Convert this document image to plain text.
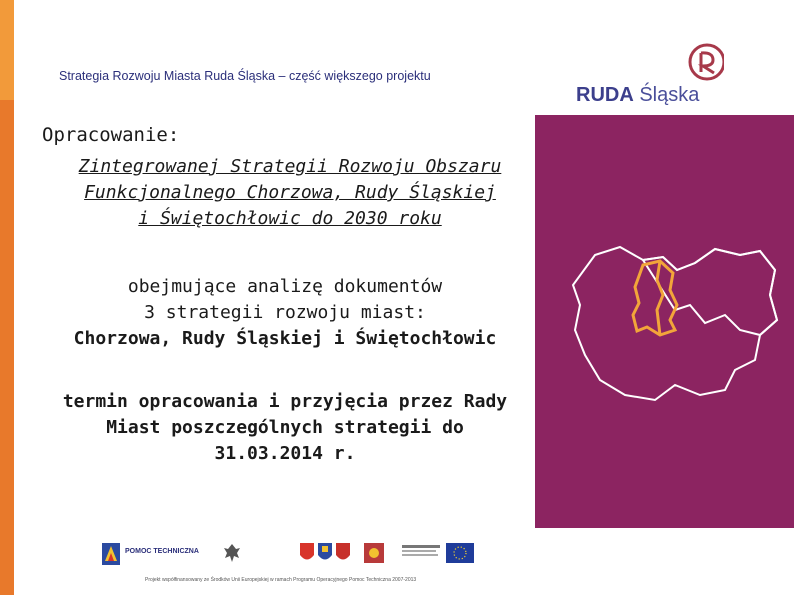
Strategia Rozwoju Miasta Ruda Śląska – część większego projektu
RUDA Śląska
Opracowanie:
Zintegrowanej Strategii Rozwoju Obszaru
Funkcjonalnego Chorzowa, Rudy Śląskiej
i Świętochłowic do 2030 roku
obejmujące analizę dokumentów
3 strategii rozwoju miast:
Chorzowa, Rudy Śląskiej i Świętochłowic
termin opracowania i przyjęcia przez Rady
Miast poszczególnych strategii do
31.03.2014 r.
POMOC TECHNICZNA
Projekt współfinansowany ze Środków Unii Europejskiej w ramach Programu Operacyjnego Pomoc Techniczna 2007-2013
